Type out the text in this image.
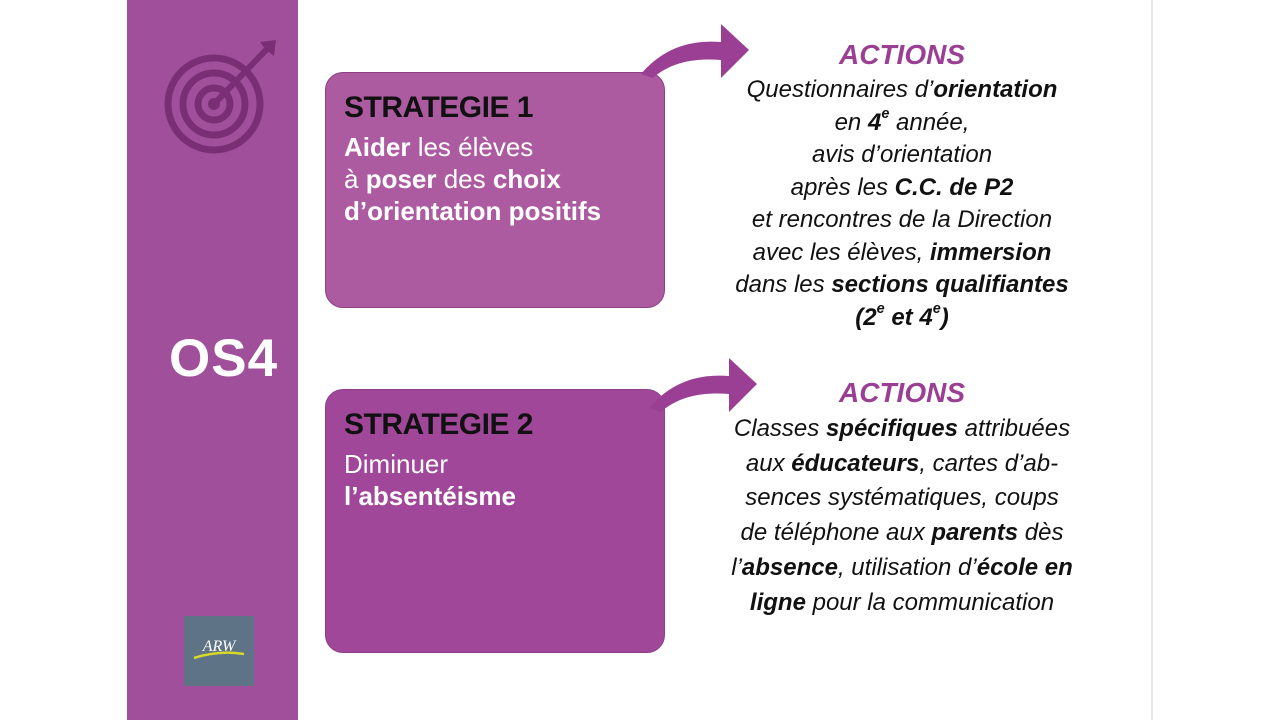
OS4
ARW
STRATEGIE 1
Aider les élèves
à poser des choix
d’orientation positifs
ACTIONS
Questionnaires d’orientation
en 4e année,
avis d’orientation
après les C.C. de P2
et rencontres de la Direction
avec les élèves, immersion
dans les sections qualifiantes
(2e et 4e)
STRATEGIE 2
Diminuer
l’absentéisme
ACTIONS
Classes spécifiques attribuées
aux éducateurs, cartes d’ab-
sences systématiques, coups
de téléphone aux parents dès
l’absence, utilisation d’école en
ligne pour la communication
